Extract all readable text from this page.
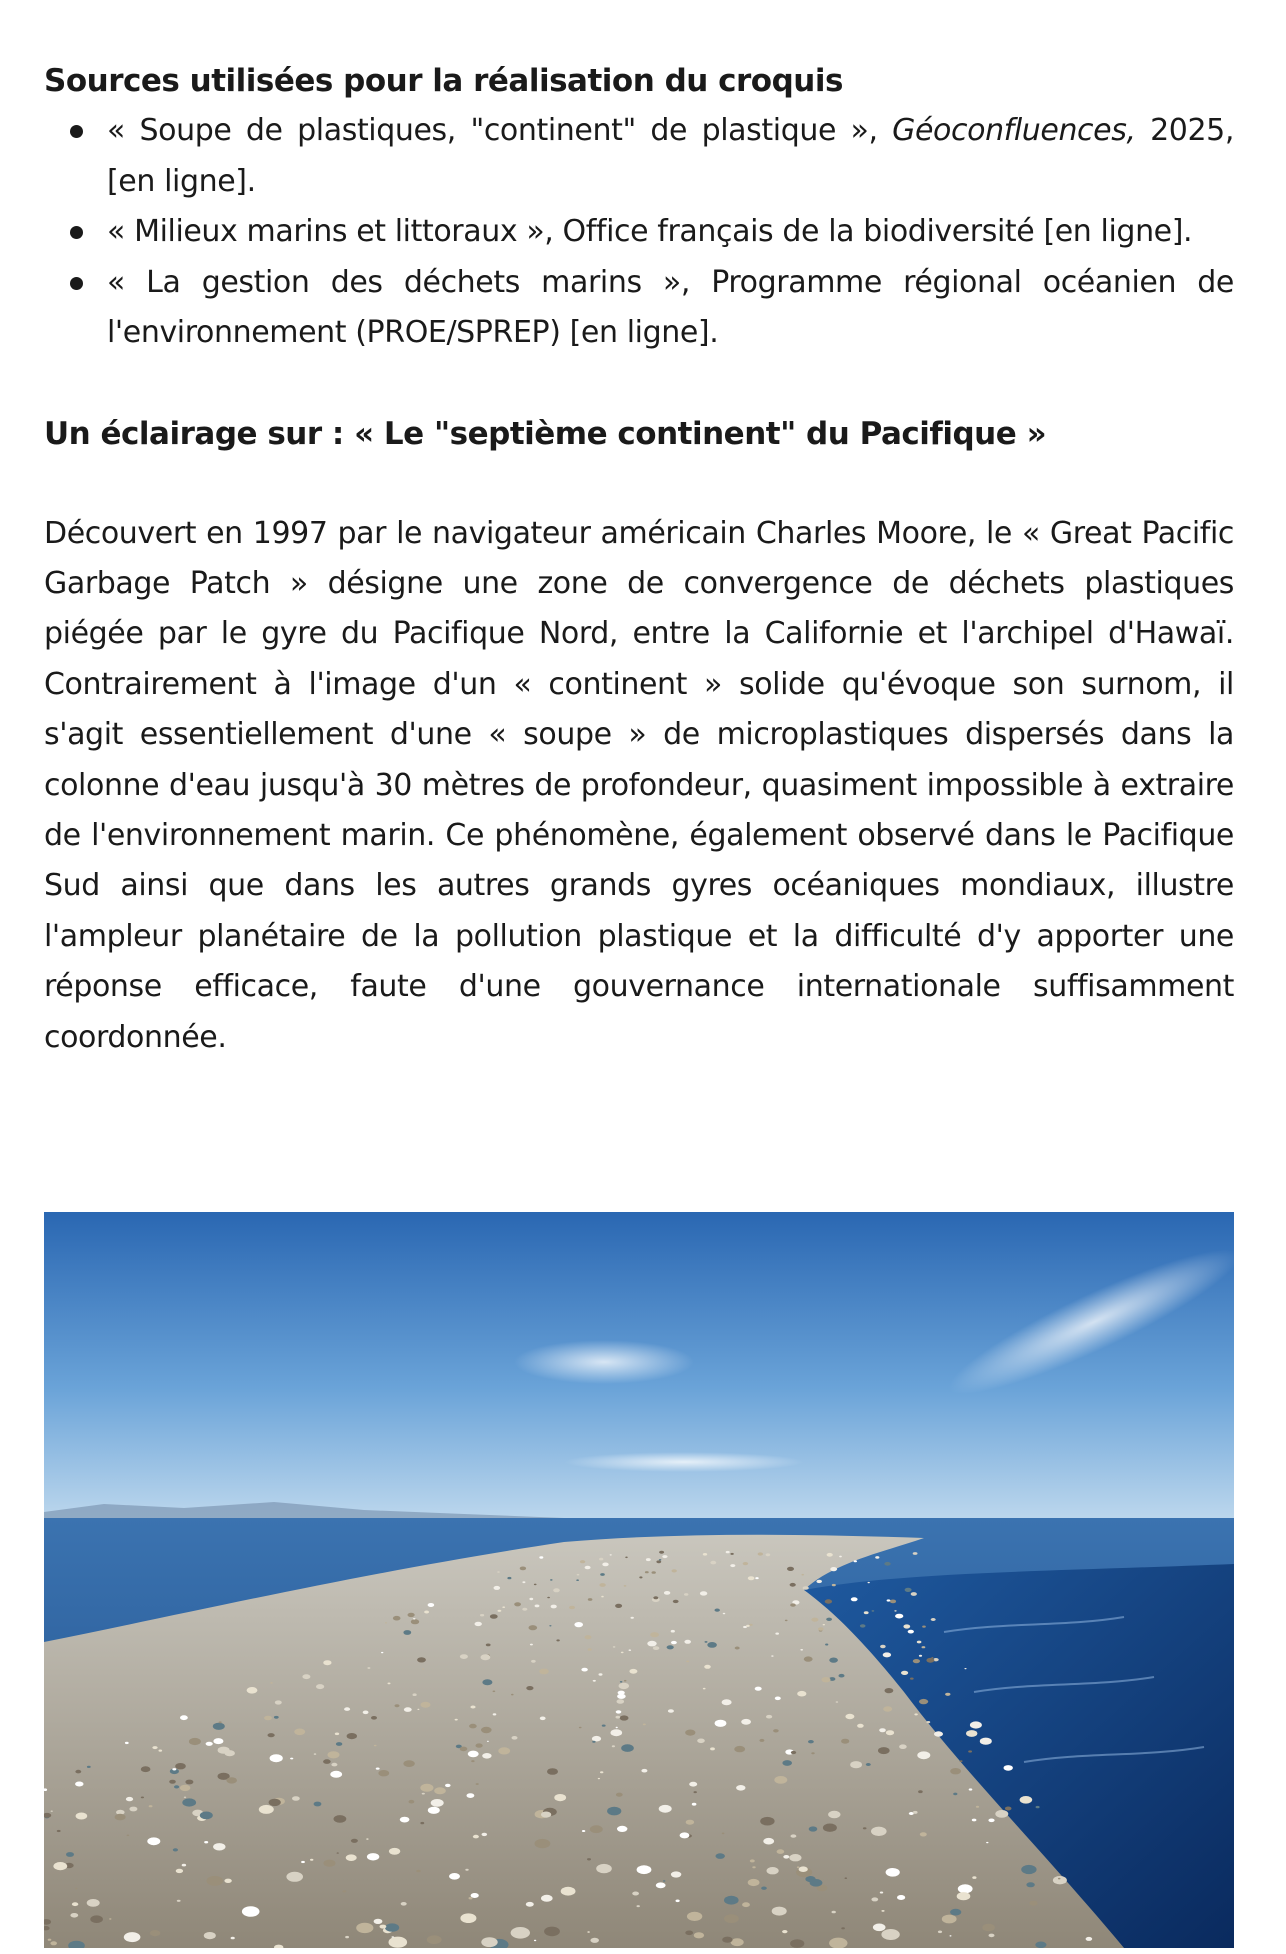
Sources utilisées pour la réalisation du croquis
« Soupe de plastiques, "continent" de plastique », Géoconfluences, 2025, [en ligne].
« Milieux marins et littoraux », Office français de la biodiversité [en ligne].
« La gestion des déchets marins », Programme régional océanien de l'environnement (PROE/SPREP) [en ligne].
Un éclairage sur : « Le "septième continent" du Pacifique »

Découvert en 1997 par le navigateur américain Charles Moore, le « Great Pacific Garbage Patch » désigne une zone de convergence de déchets plastiques piégée par le gyre du Pacifique Nord, entre la Californie et l'archipel d'Hawaï. Contrairement à l'image d'un « continent » solide qu'évoque son surnom, il s'agit essentiellement d'une « soupe » de microplastiques dispersés dans la colonne d'eau jusqu'à 30 mètres de profondeur, quasiment impossible à extraire de l'environnement marin. Ce phénomène, également observé dans le Pacifique Sud ainsi que dans les autres grands gyres océaniques mondiaux, illustre l'ampleur planétaire de la pollution plastique et la difficulté d'y apporter une réponse efficace, faute d'une gouvernance internationale suffisamment coordonnée.
